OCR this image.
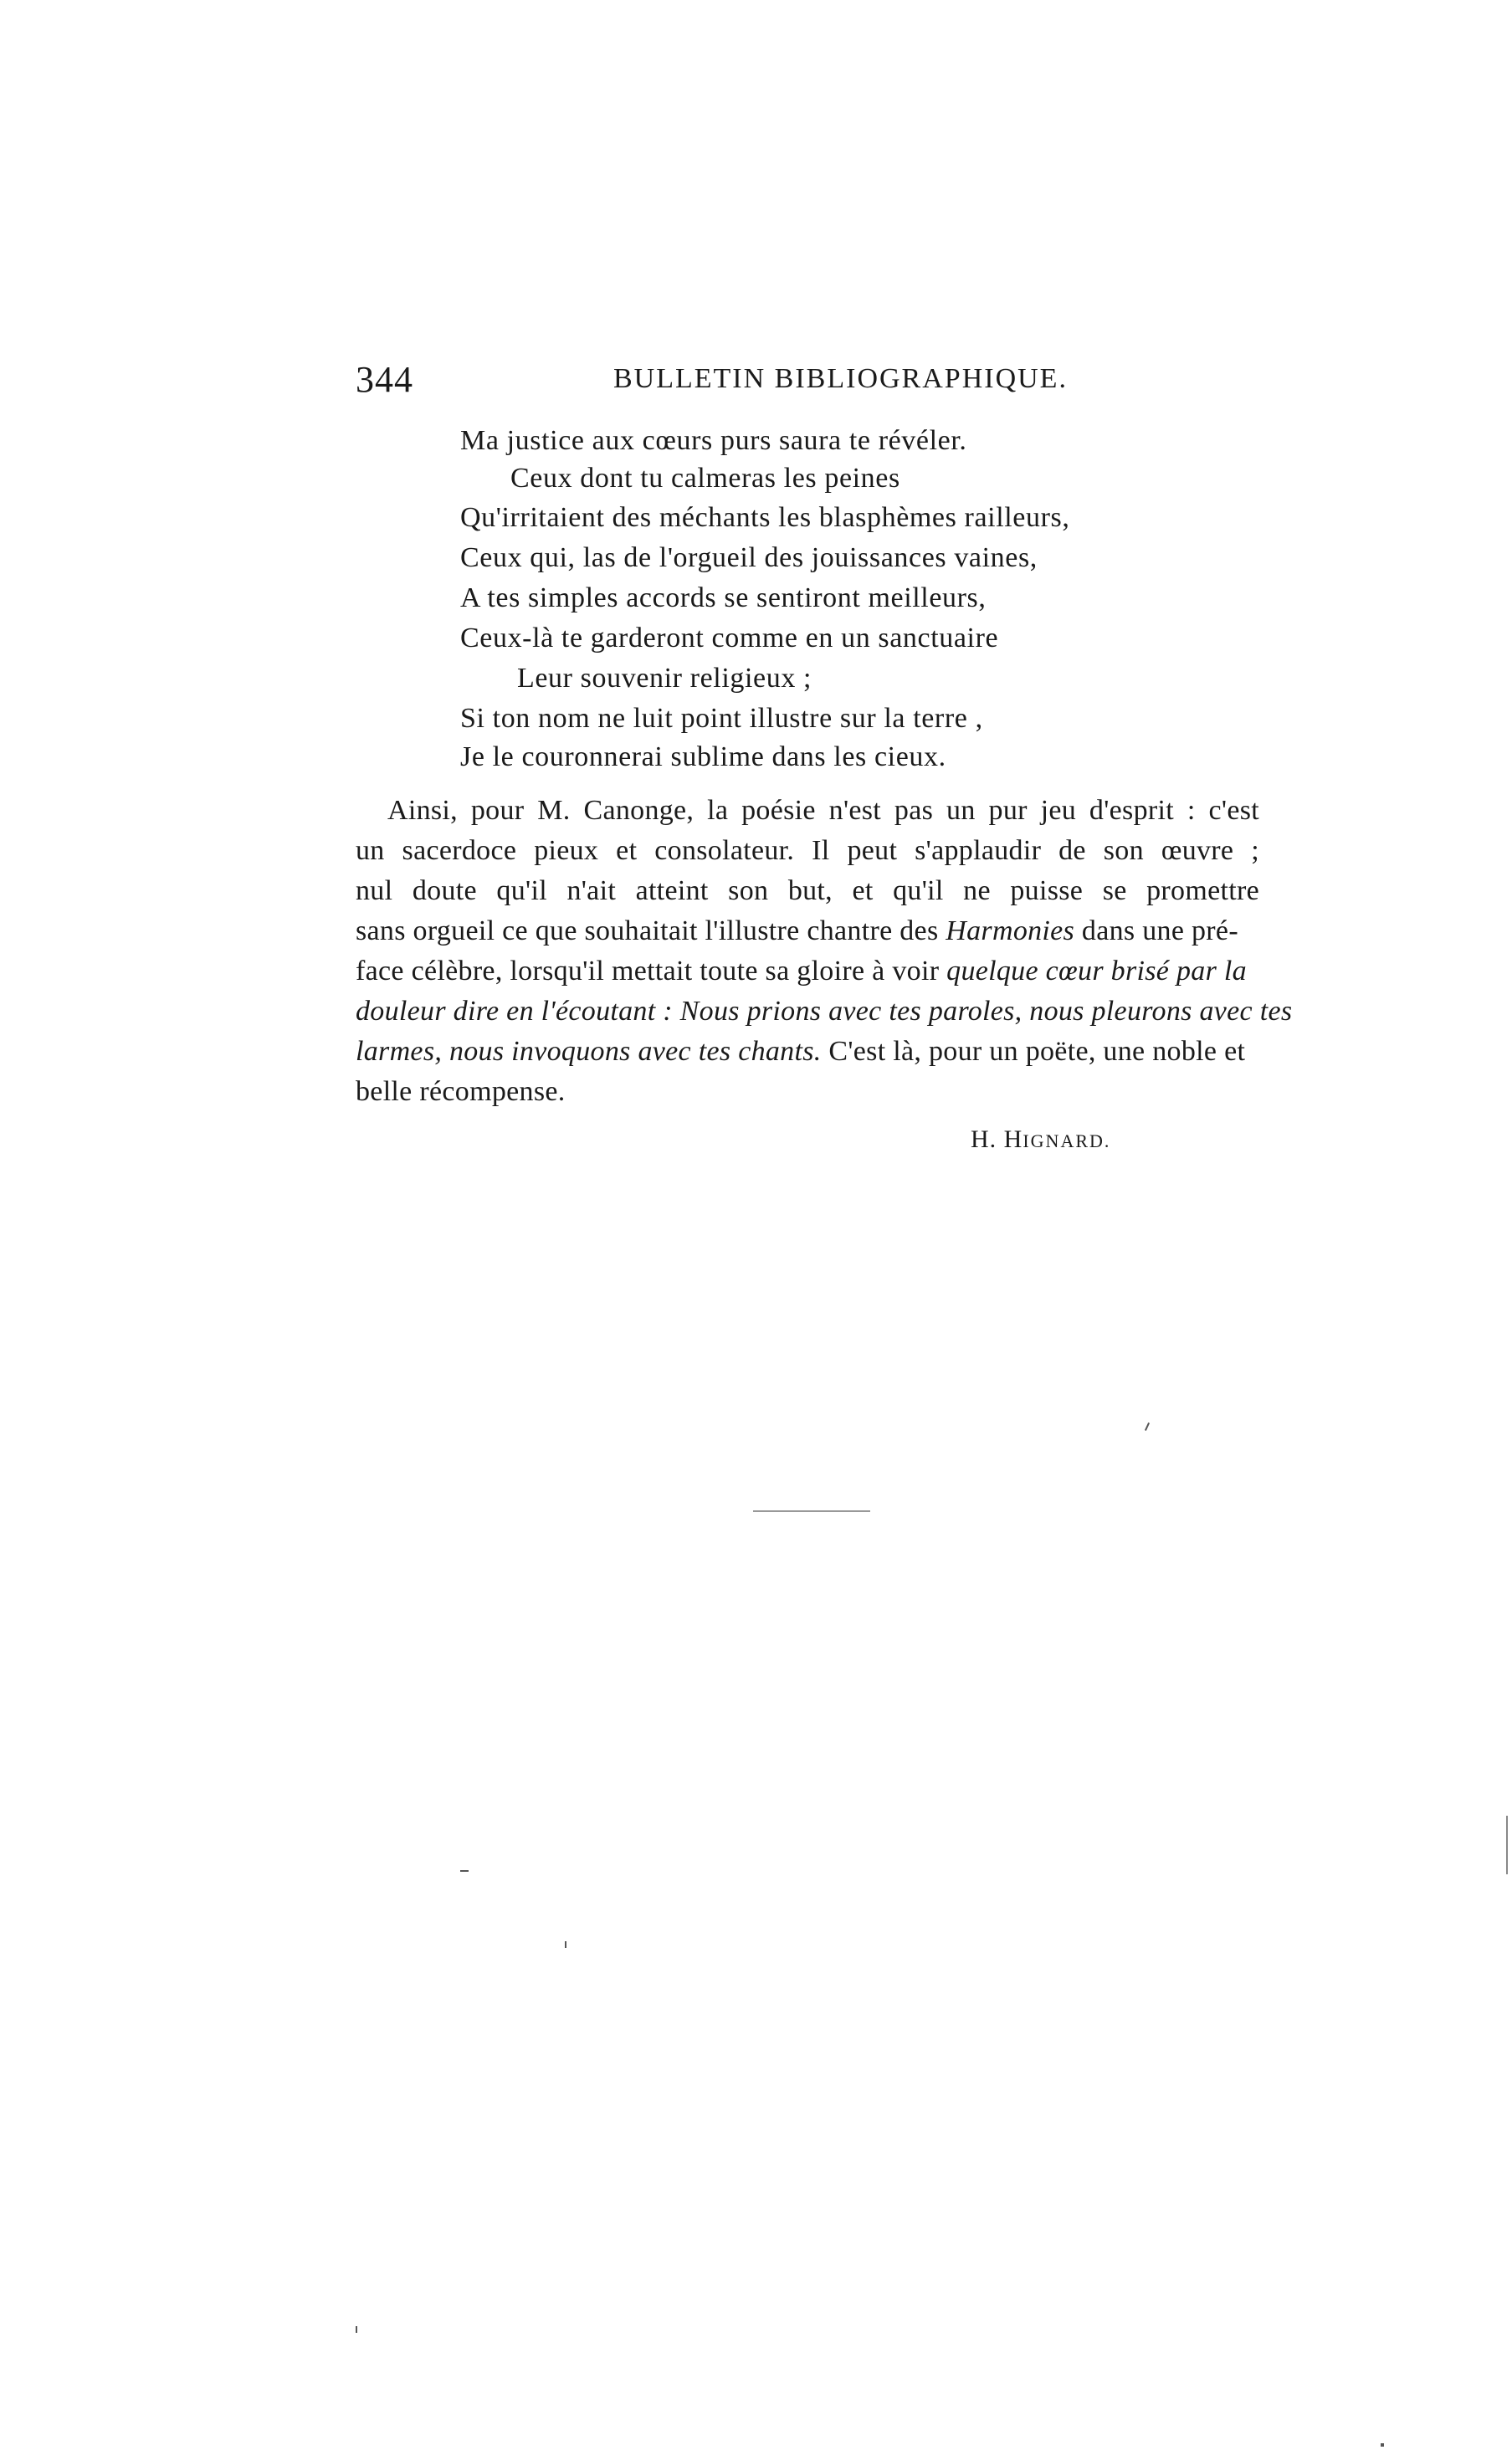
344	BULLETIN BIBLIOGRAPHIQUE.
Ma justice aux cœurs purs saura te révéler.
Ceux dont tu calmeras les peines
Qu'irritaient des méchants les blasphèmes railleurs,
Ceux qui, las de l'orgueil des jouissances vaines,
A tes simples accords se sentiront meilleurs,
Ceux-là te garderont comme en un sanctuaire
Leur souvenir religieux ;
Si ton nom ne luit point illustre sur la terre ,
Je le couronnerai sublime dans les cieux.
Ainsi, pour M. Canonge, la poésie n'est pas un pur jeu d'esprit : c'est
un sacerdoce pieux et consolateur. Il peut s'applaudir de son œuvre ;
nul doute qu'il n'ait atteint son but, et qu'il ne puisse se promettre
sans orgueil ce que souhaitait l'illustre chantre des Harmonies dans une pré-
face célèbre, lorsqu'il mettait toute sa gloire à voir quelque cœur brisé par la
douleur dire en l'écoutant : Nous prions avec tes paroles, nous pleurons avec tes
larmes, nous invoquons avec tes chants. C'est là, pour un poëte, une noble et
belle récompense.
H. HIGNARD.
